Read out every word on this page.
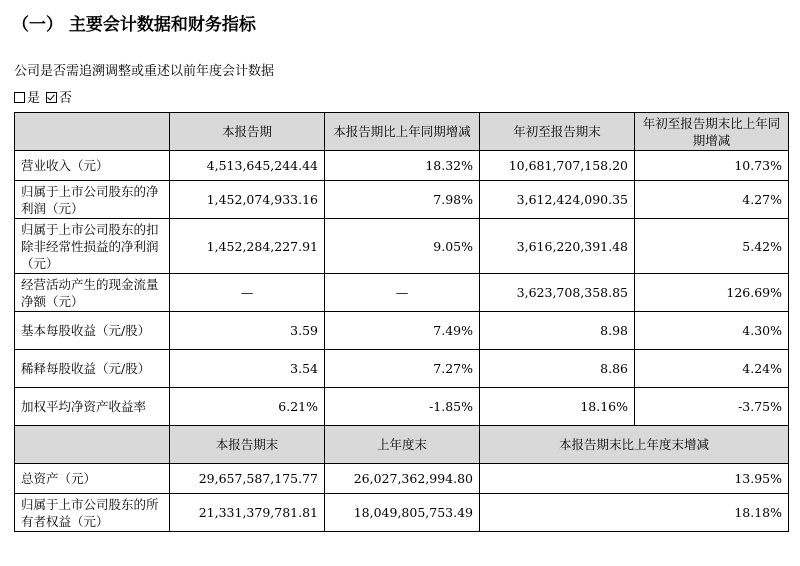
（一） 主要会计数据和财务指标
公司是否需追溯调整或重述以前年度会计数据
是 否
	本报告期	本报告期比上年同期增减	年初至报告期末	年初至报告期末比上年同期增减
营业收入（元）	4,513,645,244.44	18.32%	10,681,707,158.20	10.73%
归属于上市公司股东的净利润（元）	1,452,074,933.16	7.98%	3,612,424,090.35	4.27%
归属于上市公司股东的扣除非经常性损益的净利润（元）	1,452,284,227.91	9.05%	3,616,220,391.48	5.42%
经营活动产生的现金流量净额（元）	—	—	3,623,708,358.85	126.69%
基本每股收益（元/股）	3.59	7.49%	8.98	4.30%
稀释每股收益（元/股）	3.54	7.27%	8.86	4.24%
加权平均净资产收益率	6.21%	-1.85%	18.16%	-3.75%
	本报告期末	上年度末	本报告期末比上年度末增减	
总资产（元）	29,657,587,175.77	26,027,362,994.80	13.95%	
归属于上市公司股东的所有者权益（元）	21,331,379,781.81	18,049,805,753.49	18.18%	
